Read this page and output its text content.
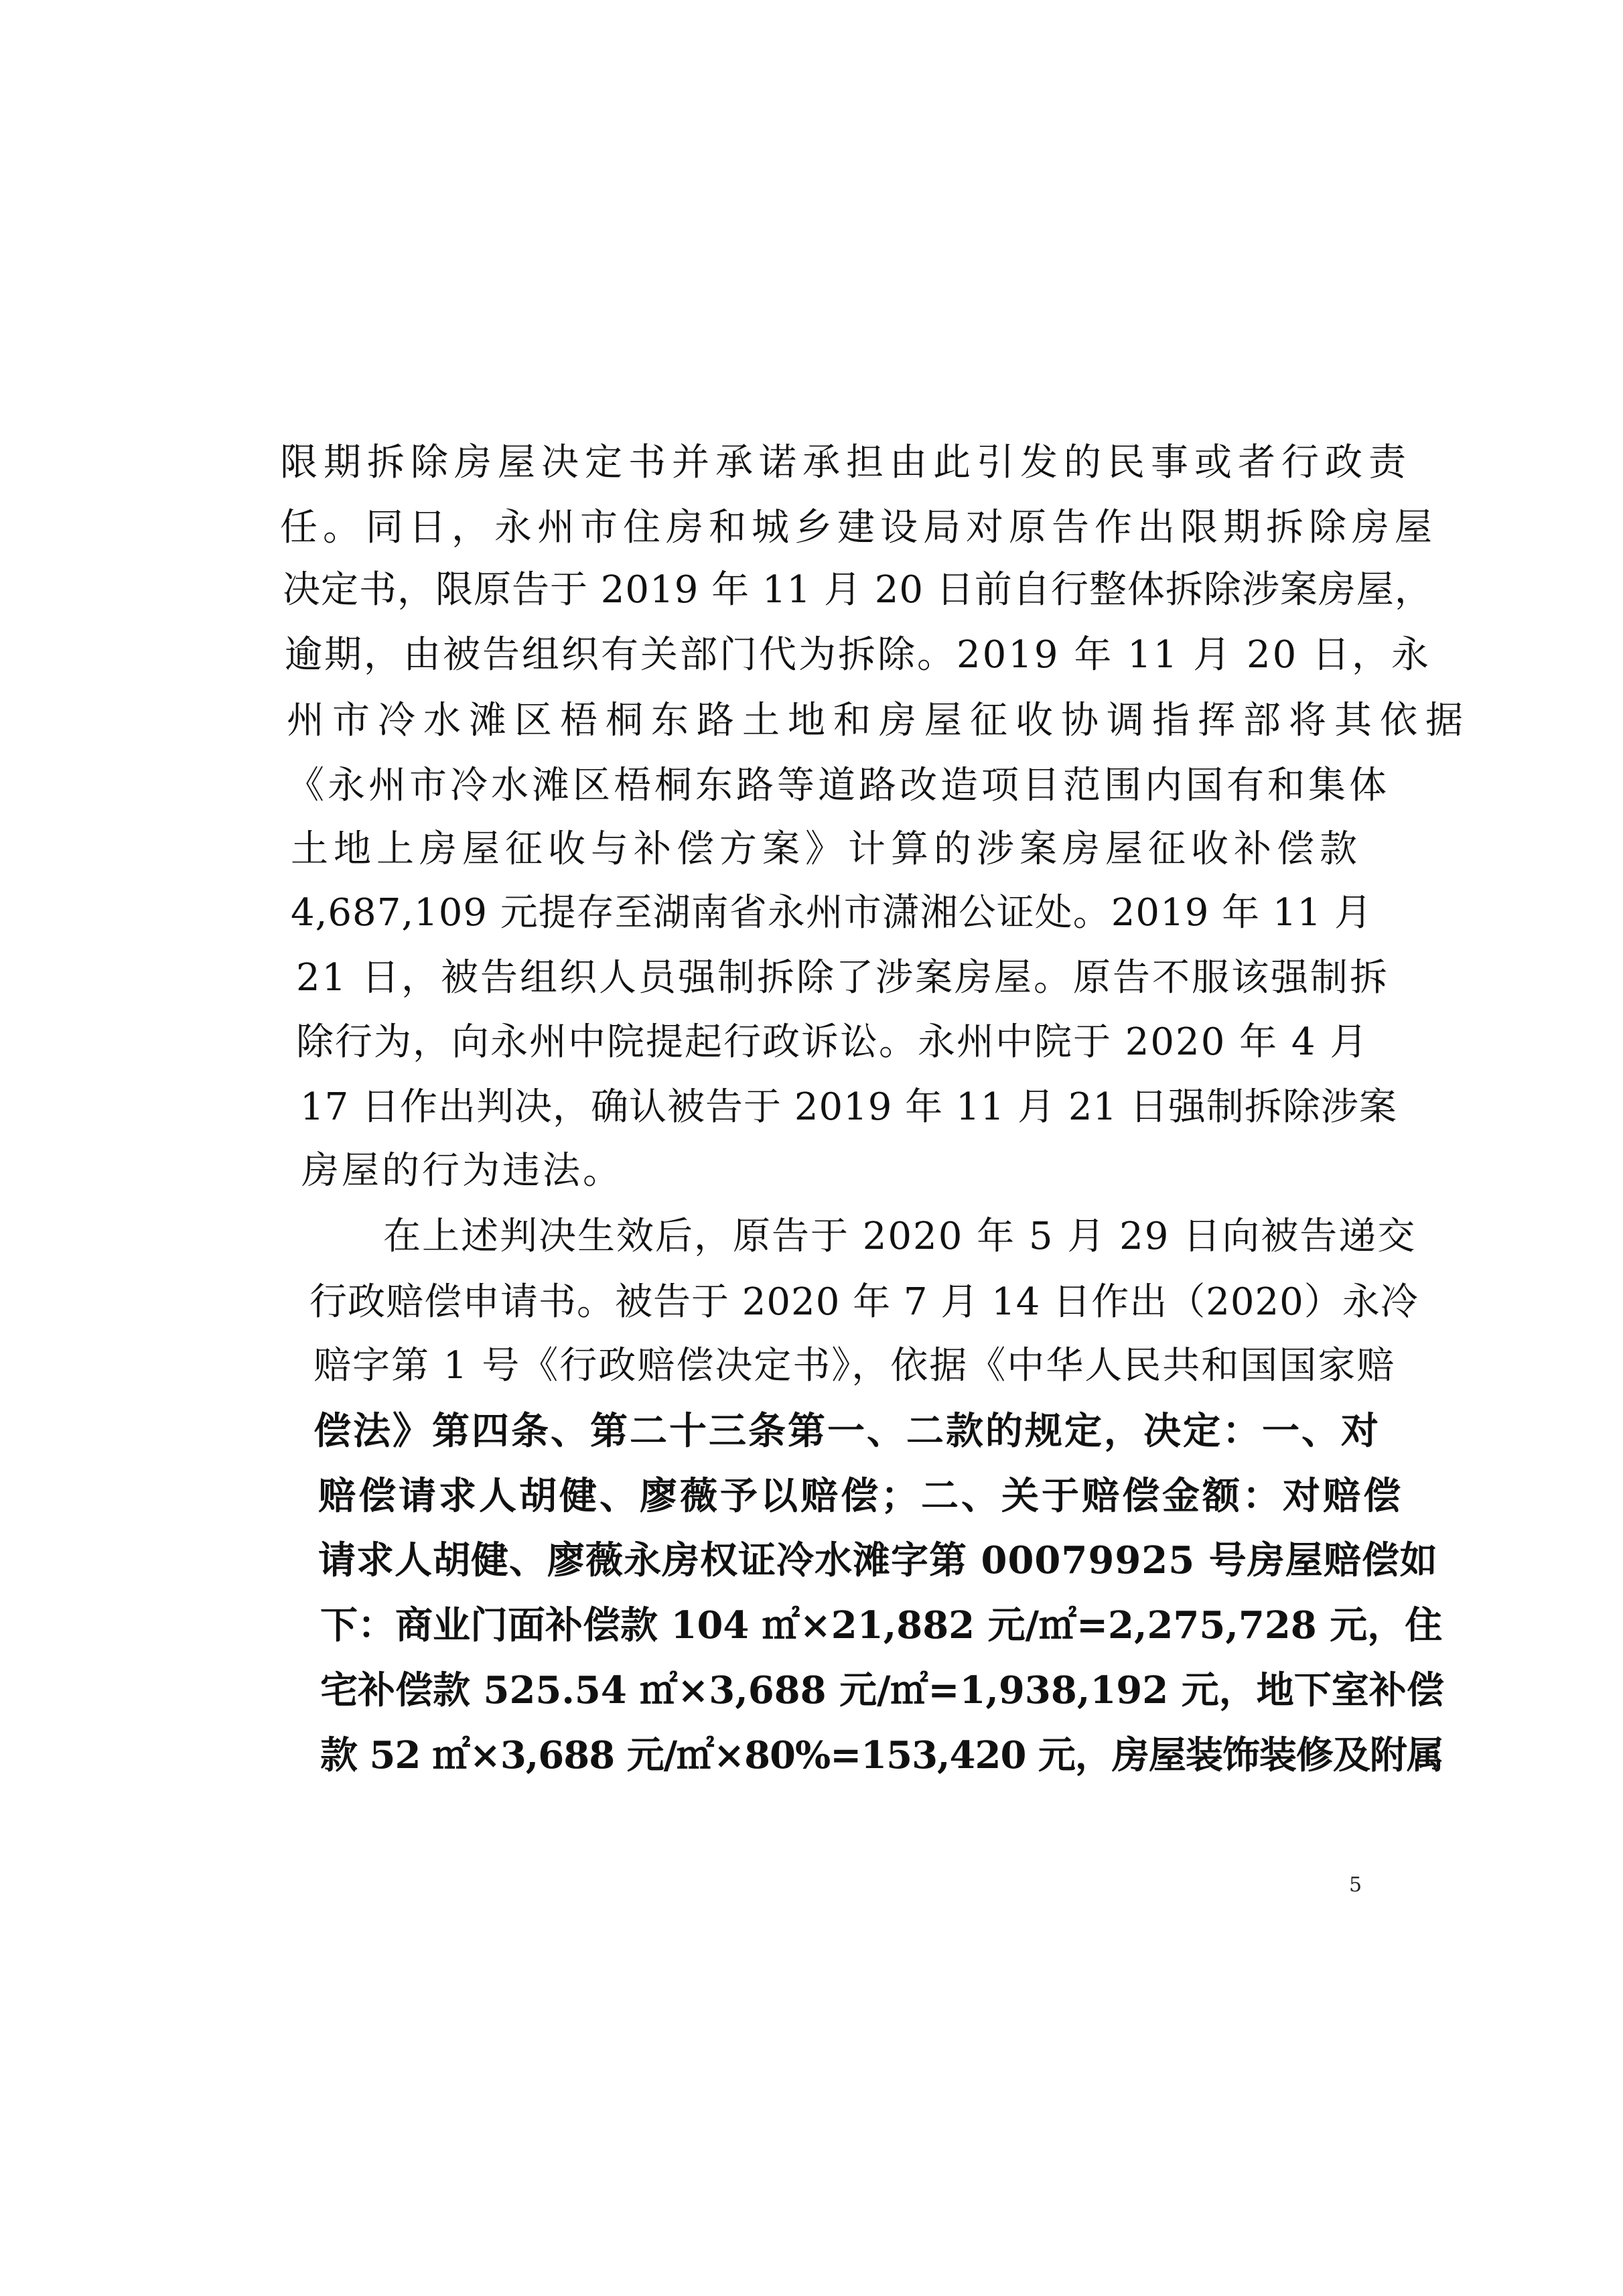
限期拆除房屋决定书并承诺承担由此引发的民事或者行政责
任。同日，永州市住房和城乡建设局对原告作出限期拆除房屋
决定书，限原告于 2019 年 11 月 20 日前自行整体拆除涉案房屋，
逾期，由被告组织有关部门代为拆除。2019 年 11 月 20 日，永
州市冷水滩区梧桐东路土地和房屋征收协调指挥部将其依据
《永州市冷水滩区梧桐东路等道路改造项目范围内国有和集体
土地上房屋征收与补偿方案》计算的涉案房屋征收补偿款
4,687,109 元提存至湖南省永州市潇湘公证处。2019 年 11 月
21 日，被告组织人员强制拆除了涉案房屋。原告不服该强制拆
除行为，向永州中院提起行政诉讼。永州中院于 2020 年 4 月
17 日作出判决，确认被告于 2019 年 11 月 21 日强制拆除涉案
房屋的行为违法。
在上述判决生效后，原告于 2020 年 5 月 29 日向被告递交
行政赔偿申请书。被告于 2020 年 7 月 14 日作出（2020）永冷
赔字第 1 号《行政赔偿决定书》，依据《中华人民共和国国家赔
偿法》第四条、第二十三条第一、二款的规定，决定：一、对
赔偿请求人胡健、廖薇予以赔偿；二、关于赔偿金额：对赔偿
请求人胡健、廖薇永房权证冷水滩字第 00079925 号房屋赔偿如
下：商业门面补偿款 104 ㎡×21,882 元/㎡=2,275,728 元，住
宅补偿款 525.54 ㎡×3,688 元/㎡=1,938,192 元，地下室补偿
款 52 ㎡×3,688 元/㎡×80%=153,420 元，房屋装饰装修及附属
5
